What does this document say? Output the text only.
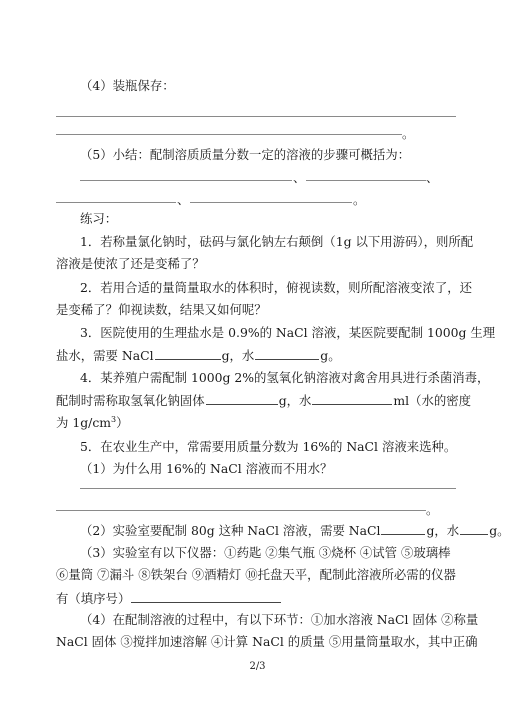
（4）装瓶保存：
。
（5）小结：配制溶质质量分数一定的溶液的步骤可概括为：
、	、
、	。
练习：
1．若称量氯化钠时，砝码与氯化钠左右颠倒（1g 以下用游码），则所配
溶液是使浓了还是变稀了？
2．若用合适的量筒量取水的体积时，俯视读数，则所配溶液变浓了，还
是变稀了？仰视读数，结果又如何呢？
3．医院使用的生理盐水是 0.9%的 NaCl 溶液，某医院要配制 1000g 生理
盐水，需要 NaCl	g，水	g。
4．某养殖户需配制 1000g 2%的氢氧化钠溶液对禽舍用具进行杀菌消毒，
配制时需称取氢氧化钠固体	g，水	ml（水的密度
为 $1g/cm^3$）
5．在农业生产中，常需要用质量分数为 16%的 NaCl 溶液来选种。
（1）为什么用 16%的 NaCl 溶液而不用水？
。
（2）实验室要配制 80g 这种 NaCl 溶液，需要 NaCl	g，水 g。
（3）实验室有以下仪器：①药匙 ②集气瓶 ③烧杯 ④试管 ⑤玻璃棒
⑥量筒 ⑦漏斗 ⑧铁架台 ⑨酒精灯 ⑩托盘天平，配制此溶液所必需的仪器
有（填序号）
（4）在配制溶液的过程中，有以下环节：①加水溶液 NaCl 固体 ②称量
NaCl 固体 ③搅拌加速溶解 ④计算 NaCl 的质量 ⑤用量筒量取水，其中正确
2/3
